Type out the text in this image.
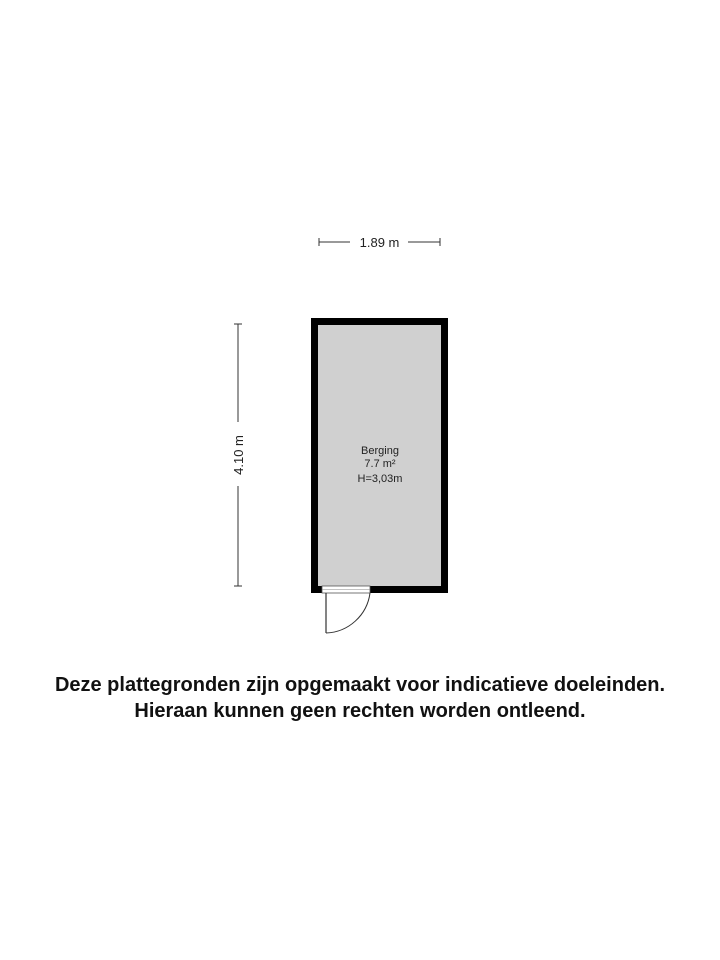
1.89 m
4.10 m	Berging
7.7 m²
H=3,03m
Deze plattegronden zijn opgemaakt voor indicatieve doeleinden.
Hieraan kunnen geen rechten worden ontleend.
